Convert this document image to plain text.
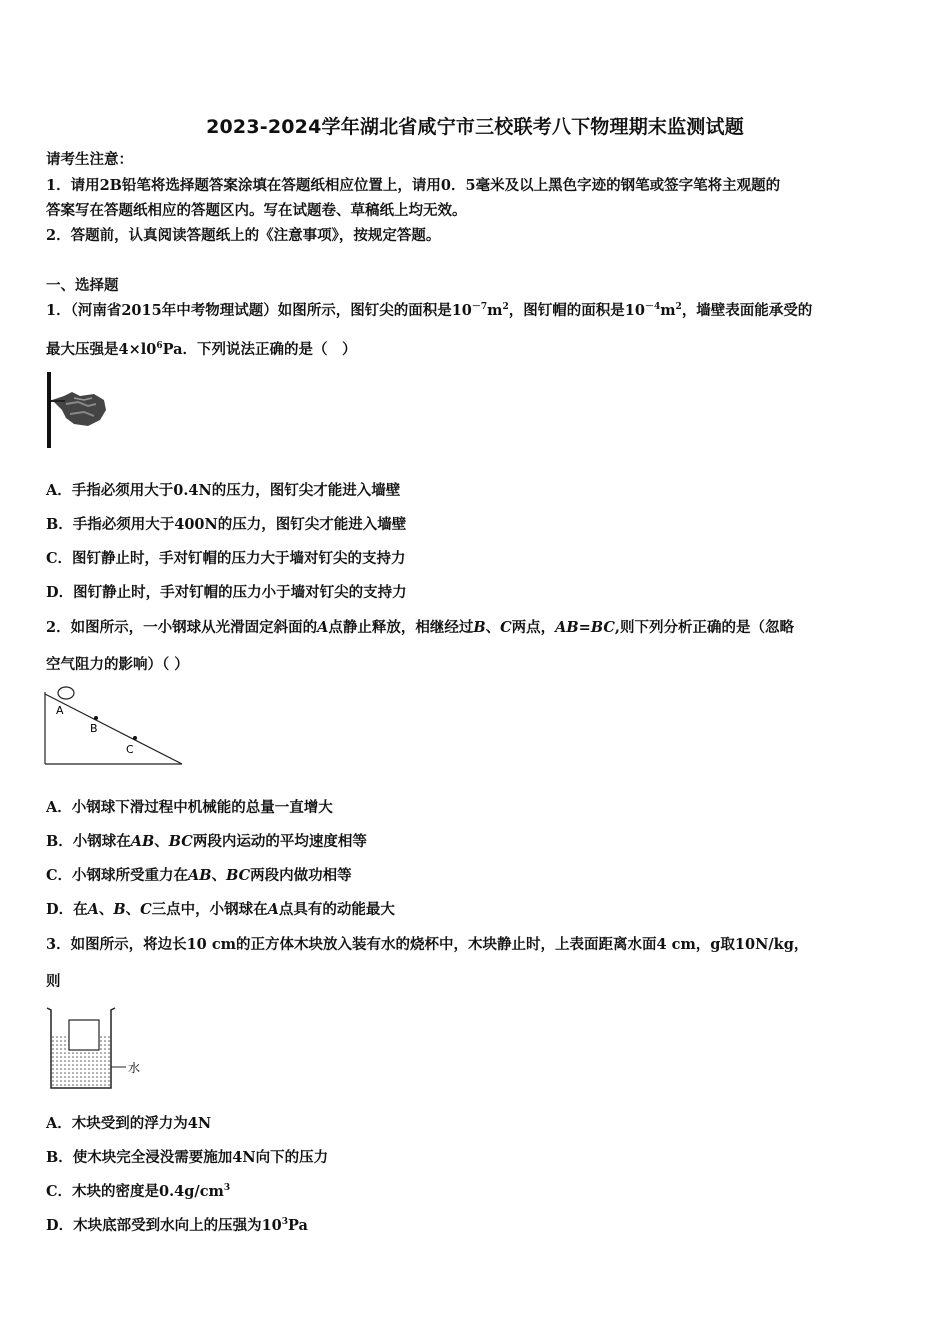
2023-2024学年湖北省咸宁市三校联考八下物理期末监测试题
请考生注意：
1．请用2B铅笔将选择题答案涂填在答题纸相应位置上，请用0．5毫米及以上黑色字迹的钢笔或签字笔将主观题的
答案写在答题纸相应的答题区内。写在试题卷、草稿纸上均无效。
2．答题前，认真阅读答题纸上的《注意事项》，按规定答题。
一、选择题
1．（河南省2015年中考物理试题）如图所示，图钉尖的面积是$10^{-7}m^2$，图钉帽的面积是$10^{-4}m^2$，墙壁表面能承受的
最大压强是$4\times l0^6Pa$．下列说法正确的是（　）
A．手指必须用大于0.4N的压力，图钉尖才能进入墙壁
B．手指必须用大于400N的压力，图钉尖才能进入墙壁
C．图钉静止时，手对钉帽的压力大于墙对钉尖的支持力
D．图钉静止时，手对钉帽的压力小于墙对钉尖的支持力
2．如图所示，一小钢球从光滑固定斜面的A点静止释放，相继经过B、C两点，AB=BC,则下列分析正确的是（忽略
空气阻力的影响）（ ）
A
B
C
A．小钢球下滑过程中机械能的总量一直增大
B．小钢球在AB、BC两段内运动的平均速度相等
C．小钢球所受重力在AB、BC两段内做功相等
D．在A、B、C三点中，小钢球在A点具有的动能最大
3．如图所示，将边长10 cm的正方体木块放入装有水的烧杯中，木块静止时，上表面距离水面4 cm，g取10N/kg，
则
水
A．木块受到的浮力为4N
B．使木块完全浸没需要施加4N向下的压力
C．木块的密度是$0.4g/cm^3$
D．木块底部受到水向上的压强为$10^3Pa$
